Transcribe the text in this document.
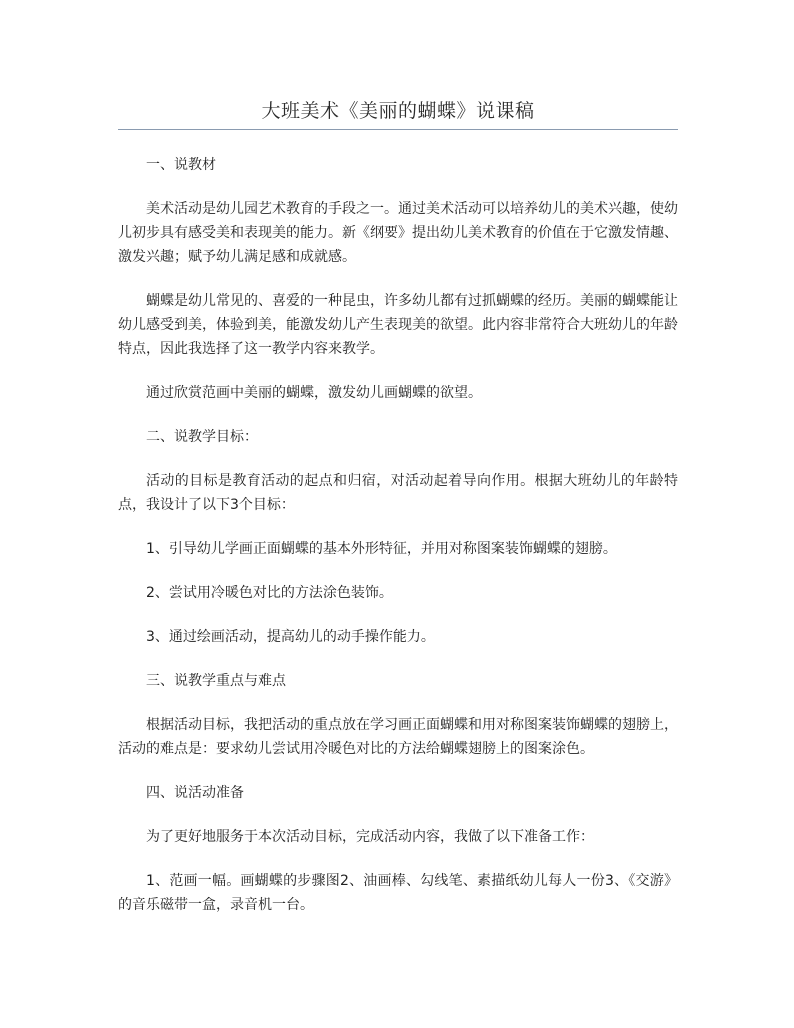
大班美术《美丽的蝴蝶》说课稿

一、说教材

美术活动是幼儿园艺术教育的手段之一。通过美术活动可以培养幼儿的美术兴趣，使幼儿初步具有感受美和表现美的能力。新《纲要》提出幼儿美术教育的价值在于它激发情趣、激发兴趣；赋予幼儿满足感和成就感。

蝴蝶是幼儿常见的、喜爱的一种昆虫，许多幼儿都有过抓蝴蝶的经历。美丽的蝴蝶能让幼儿感受到美，体验到美，能激发幼儿产生表现美的欲望。此内容非常符合大班幼儿的年龄特点，因此我选择了这一教学内容来教学。

通过欣赏范画中美丽的蝴蝶，激发幼儿画蝴蝶的欲望。

二、说教学目标：

活动的目标是教育活动的起点和归宿，对活动起着导向作用。根据大班幼儿的年龄特点，我设计了以下3个目标：

1、引导幼儿学画正面蝴蝶的基本外形特征，并用对称图案装饰蝴蝶的翅膀。

2、尝试用冷暖色对比的方法涂色装饰。

3、通过绘画活动，提高幼儿的动手操作能力。

三、说教学重点与难点

根据活动目标，我把活动的重点放在学习画正面蝴蝶和用对称图案装饰蝴蝶的翅膀上，活动的难点是：要求幼儿尝试用冷暖色对比的方法给蝴蝶翅膀上的图案涂色。

四、说活动准备

为了更好地服务于本次活动目标，完成活动内容，我做了以下准备工作：

1、范画一幅。画蝴蝶的步骤图2、油画棒、勾线笔、素描纸幼儿每人一份3、《交游》的音乐磁带一盒，录音机一台。
